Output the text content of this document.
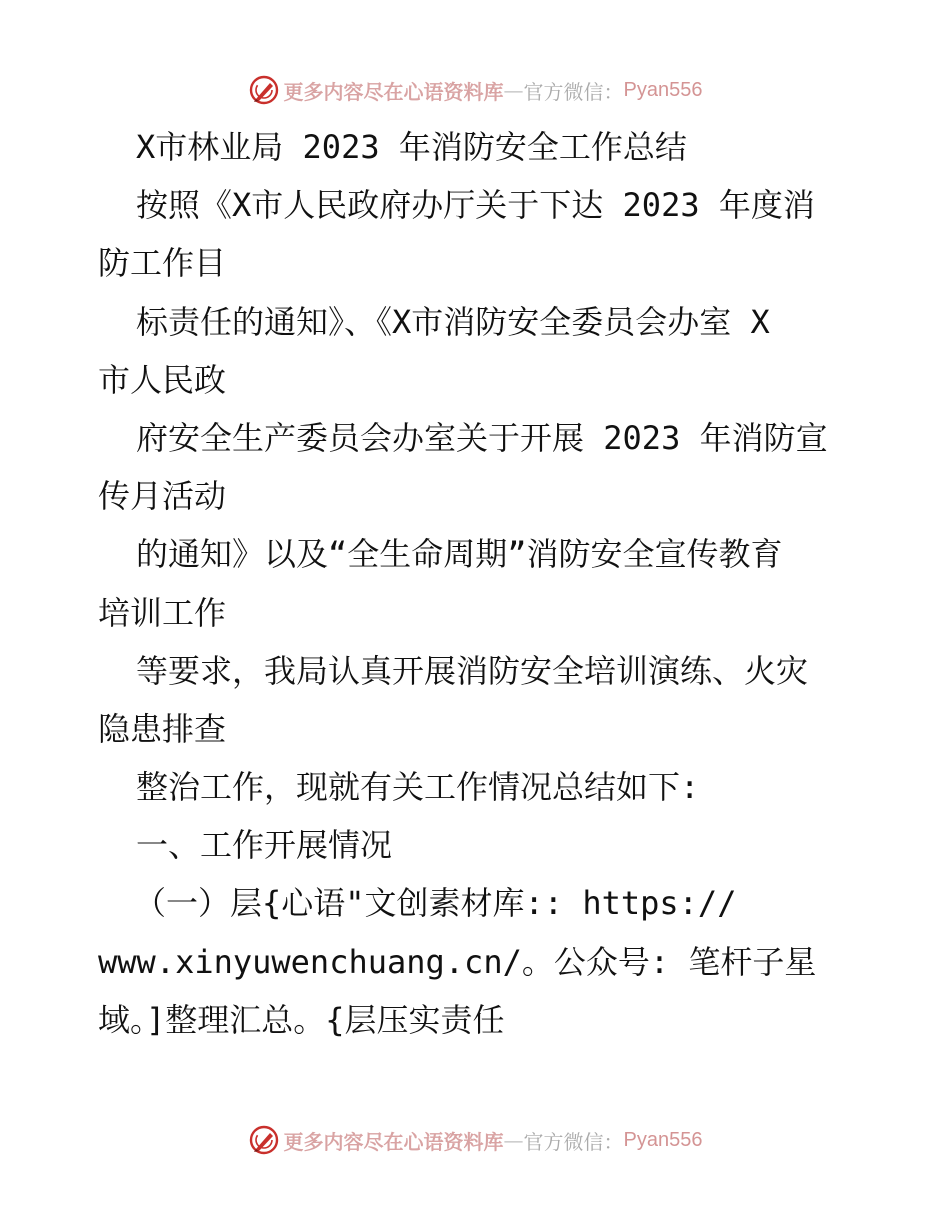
更多内容尽在心语资料库 — 官方微信： Pyan556
X市林业局 2023 年消防安全工作总结
按照《X市人民政府办厅关于下达 2023 年度消
防工作目
标责任的通知》、《X市消防安全委员会办室 X
市人民政
府安全生产委员会办室关于开展 2023 年消防宣
传月活动
的通知》以及“全生命周期”消防安全宣传教育
培训工作
等要求，我局认真开展消防安全培训演练、火灾
隐患排查
整治工作，现就有关工作情况总结如下:
一、工作开展情况
（一）层{心语"文创素材库:: https://
www.xinyuwenchuang.cn/。公众号: 笔杆子星
域。]整理汇总。{层压实责任
更多内容尽在心语资料库 — 官方微信： Pyan556
